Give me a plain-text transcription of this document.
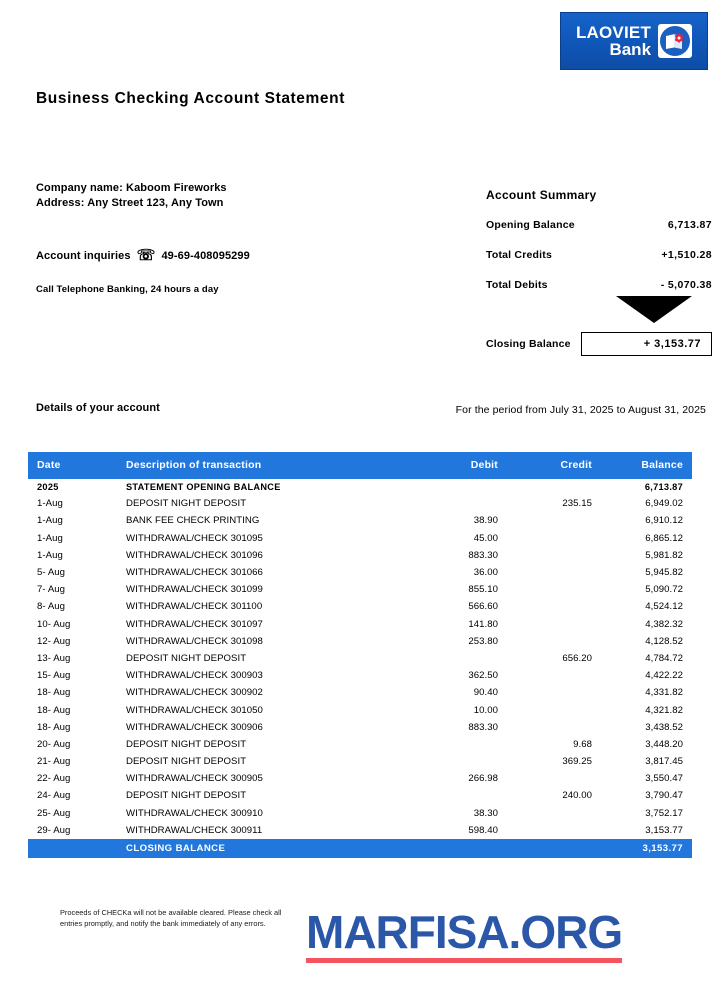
LAOVIET
Bank
Business Checking Account Statement
Company name: Kaboom Fireworks
Address: Any Street 123, Any Town
Account inquiries ☏ 49-69-408095299
Call Telephone Banking, 24 hours a day
Account Summary
Opening Balance	6,713.87
Total Credits	+1,510.28
Total Debits	- 5,070.38
Closing Balance	+ 3,153.77
Details of your account	For the period from July 31, 2025 to August 31, 2025
Date	Description of transaction	Debit	Credit	Balance
2025	STATEMENT OPENING BALANCE			6,713.87
1-Aug	DEPOSIT NIGHT DEPOSIT		235.15	6,949.02
1-Aug	BANK FEE CHECK PRINTING	38.90		6,910.12
1-Aug	WITHDRAWAL/CHECK 301095	45.00		6,865.12
1-Aug	WITHDRAWAL/CHECK 301096	883.30		5,981.82
5- Aug	WITHDRAWAL/CHECK 301066	36.00		5,945.82
7- Aug	WITHDRAWAL/CHECK 301099	855.10		5,090.72
8- Aug	WITHDRAWAL/CHECK 301100	566.60		4,524.12
10- Aug	WITHDRAWAL/CHECK 301097	141.80		4,382.32
12- Aug	WITHDRAWAL/CHECK 301098	253.80		4,128.52
13- Aug	DEPOSIT NIGHT DEPOSIT		656.20	4,784.72
15- Aug	WITHDRAWAL/CHECK 300903	362.50		4,422.22
18- Aug	WITHDRAWAL/CHECK 300902	90.40		4,331.82
18- Aug	WITHDRAWAL/CHECK 301050	10.00		4,321.82
18- Aug	WITHDRAWAL/CHECK 300906	883.30		3,438.52
20- Aug	DEPOSIT NIGHT DEPOSIT		9.68	3,448.20
21- Aug	DEPOSIT NIGHT DEPOSIT		369.25	3,817.45
22- Aug	WITHDRAWAL/CHECK 300905	266.98		3,550.47
24- Aug	DEPOSIT NIGHT DEPOSIT		240.00	3,790.47
25- Aug	WITHDRAWAL/CHECK 300910	38.30		3,752.17
29- Aug	WITHDRAWAL/CHECK 300911	598.40		3,153.77
	CLOSING BALANCE			3,153.77
Proceeds of CHECKa will not be available cleared. Please check all entries promptly, and notify the bank immediately of any errors. MARFISA.ORG
